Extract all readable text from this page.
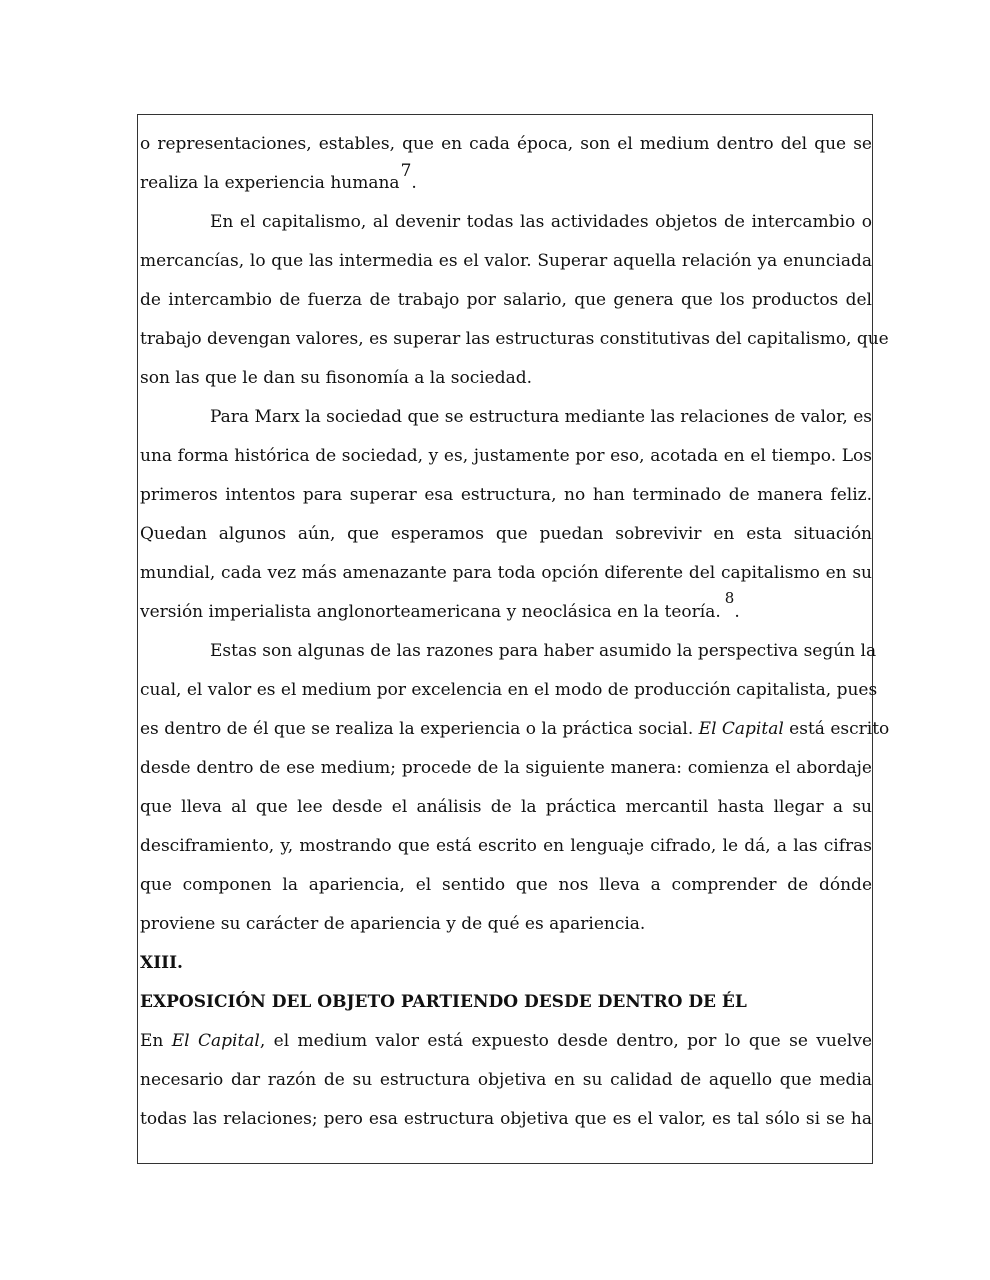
o representaciones, estables, que en cada época, son el medium dentro del que se
realiza la experiencia humana7.
En el capitalismo, al devenir todas las actividades objetos de intercambio o
mercancías, lo que las intermedia es el valor. Superar aquella relación ya enunciada
de intercambio de fuerza de trabajo por salario, que genera que los productos del
trabajo devengan valores, es superar las estructuras constitutivas del capitalismo, que
son las que le dan su fisonomía a la sociedad.
Para Marx la sociedad que se estructura mediante las relaciones de valor, es
una forma histórica de sociedad, y es, justamente por eso, acotada en el tiempo. Los
primeros intentos para superar esa estructura, no han terminado de manera feliz.
Quedan algunos aún, que esperamos que puedan sobrevivir en esta situación
mundial, cada vez más amenazante para toda opción diferente del capitalismo en su
versión imperialista anglonorteamericana y neoclásica en la teoría.8.
Estas son algunas de las razones para haber asumido la perspectiva según la
cual, el valor es el medium por excelencia en el modo de producción capitalista, pues
es dentro de él que se realiza la experiencia o la práctica social. El Capital está escrito
desde dentro de ese medium; procede de la siguiente manera: comienza el abordaje
que lleva al que lee desde el análisis de la práctica mercantil hasta llegar a su
desciframiento, y, mostrando que está escrito en lenguaje cifrado, le dá, a las cifras
que componen la apariencia, el sentido que nos lleva a comprender de dónde
proviene su carácter de apariencia y de qué es apariencia.
XIII.
EXPOSICIÓN DEL OBJETO PARTIENDO DESDE DENTRO DE ÉL
En El Capital, el medium valor está expuesto desde dentro, por lo que se vuelve
necesario dar razón de su estructura objetiva en su calidad de aquello que media
todas las relaciones; pero esa estructura objetiva que es el valor, es tal sólo si se ha
